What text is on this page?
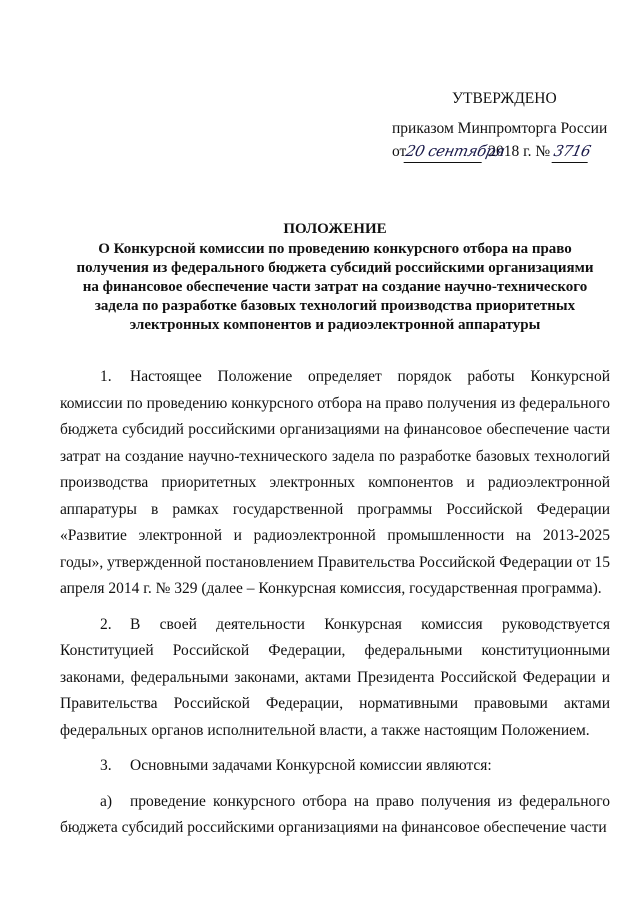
УТВЕРЖДЕНО
приказом Минпромторга России
от20 сентября 2018 г. № 3716
ПОЛОЖЕНИЕ
О Конкурсной комиссии по проведению конкурсного отбора на право
получения из федерального бюджета субсидий российскими организациями
на финансовое обеспечение части затрат на создание научно-технического
задела по разработке базовых технологий производства приоритетных
электронных компонентов и радиоэлектронной аппаратуры

1. Настоящее Положение определяет порядок работы Конкурсной комиссии по проведению конкурсного отбора на право получения из федерального бюджета субсидий российскими организациями на финансовое обеспечение части затрат на создание научно-технического задела по разработке базовых технологий производства приоритетных электронных компонентов и радиоэлектронной аппаратуры в рамках государственной программы Российской Федерации «Развитие электронной и радиоэлектронной промышленности на 2013-2025 годы», утвержденной постановлением Правительства Российской Федерации от 15 апреля 2014 г. № 329 (далее – Конкурсная комиссия, государственная программа).

2. В своей деятельности Конкурсная комиссия руководствуется Конституцией Российской Федерации, федеральными конституционными законами, федеральными законами, актами Президента Российской Федерации и Правительства Российской Федерации, нормативными правовыми актами федеральных органов исполнительной власти, а также настоящим Положением.

3. Основными задачами Конкурсной комиссии являются:

а) проведение конкурсного отбора на право получения из федерального бюджета субсидий российскими организациями на финансовое обеспечение части
